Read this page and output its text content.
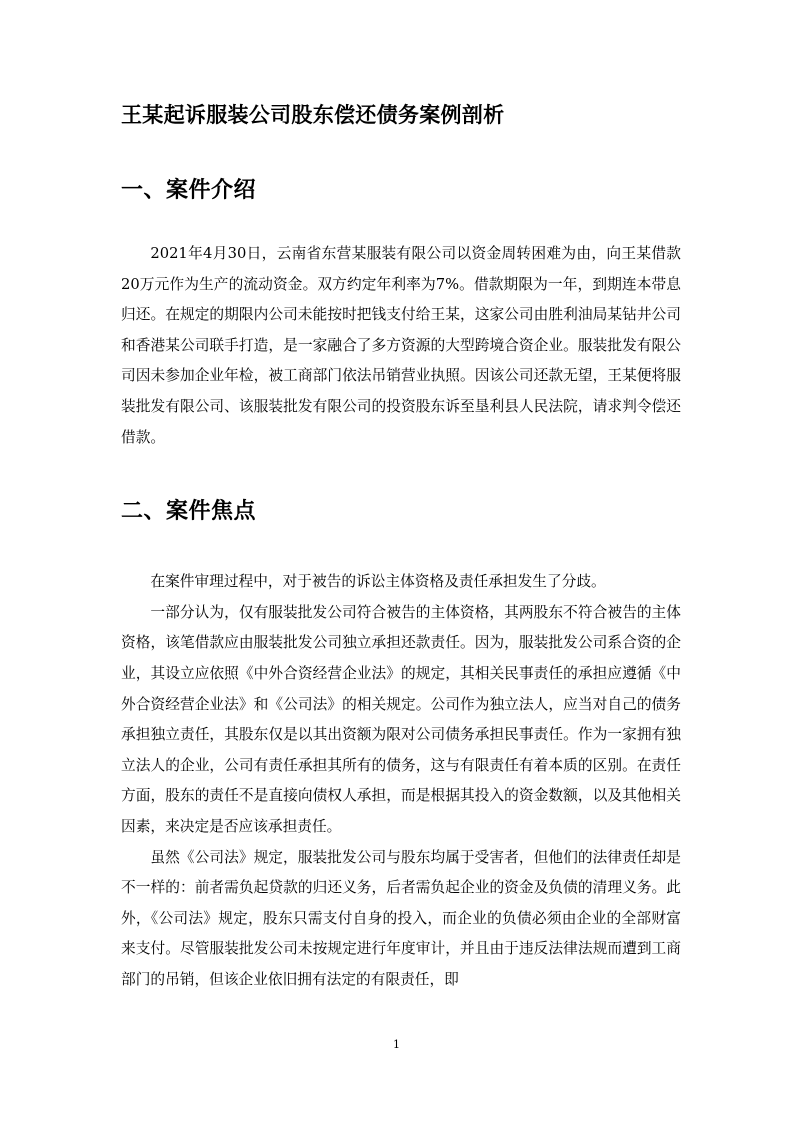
王某起诉服装公司股东偿还债务案例剖析
一、案件介绍

2021年4月30日，云南省东营某服装有限公司以资金周转困难为由，向王某借款20万元作为生产的流动资金。双方约定年利率为7%。借款期限为一年，到期连本带息归还。在规定的期限内公司未能按时把钱支付给王某，这家公司由胜利油局某钻井公司和香港某公司联手打造，是一家融合了多方资源的大型跨境合资企业。服装批发有限公司因未参加企业年检，被工商部门依法吊销营业执照。因该公司还款无望，王某便将服装批发有限公司、该服装批发有限公司的投资股东诉至垦利县人民法院，请求判令偿还借款。

二、案件焦点

在案件审理过程中，对于被告的诉讼主体资格及责任承担发生了分歧。

一部分认为，仅有服装批发公司符合被告的主体资格，其两股东不符合被告的主体资格，该笔借款应由服装批发公司独立承担还款责任。因为，服装批发公司系合资的企业，其设立应依照《中外合资经营企业法》的规定，其相关民事责任的承担应遵循《中外合资经营企业法》和《公司法》的相关规定。公司作为独立法人，应当对自己的债务承担独立责任，其股东仅是以其出资额为限对公司债务承担民事责任。作为一家拥有独立法人的企业，公司有责任承担其所有的债务，这与有限责任有着本质的区别。在责任方面，股东的责任不是直接向债权人承担，而是根据其投入的资金数额，以及其他相关因素，来决定是否应该承担责任。

虽然《公司法》规定，服装批发公司与股东均属于受害者，但他们的法律责任却是不一样的：前者需负起贷款的归还义务，后者需负起企业的资金及负债的清理义务。此外，《公司法》规定，股东只需支付自身的投入，而企业的负债必须由企业的全部财富来支付。尽管服装批发公司未按规定进行年度审计，并且由于违反法律法规而遭到工商部门的吊销，但该企业依旧拥有法定的有限责任，即

1
